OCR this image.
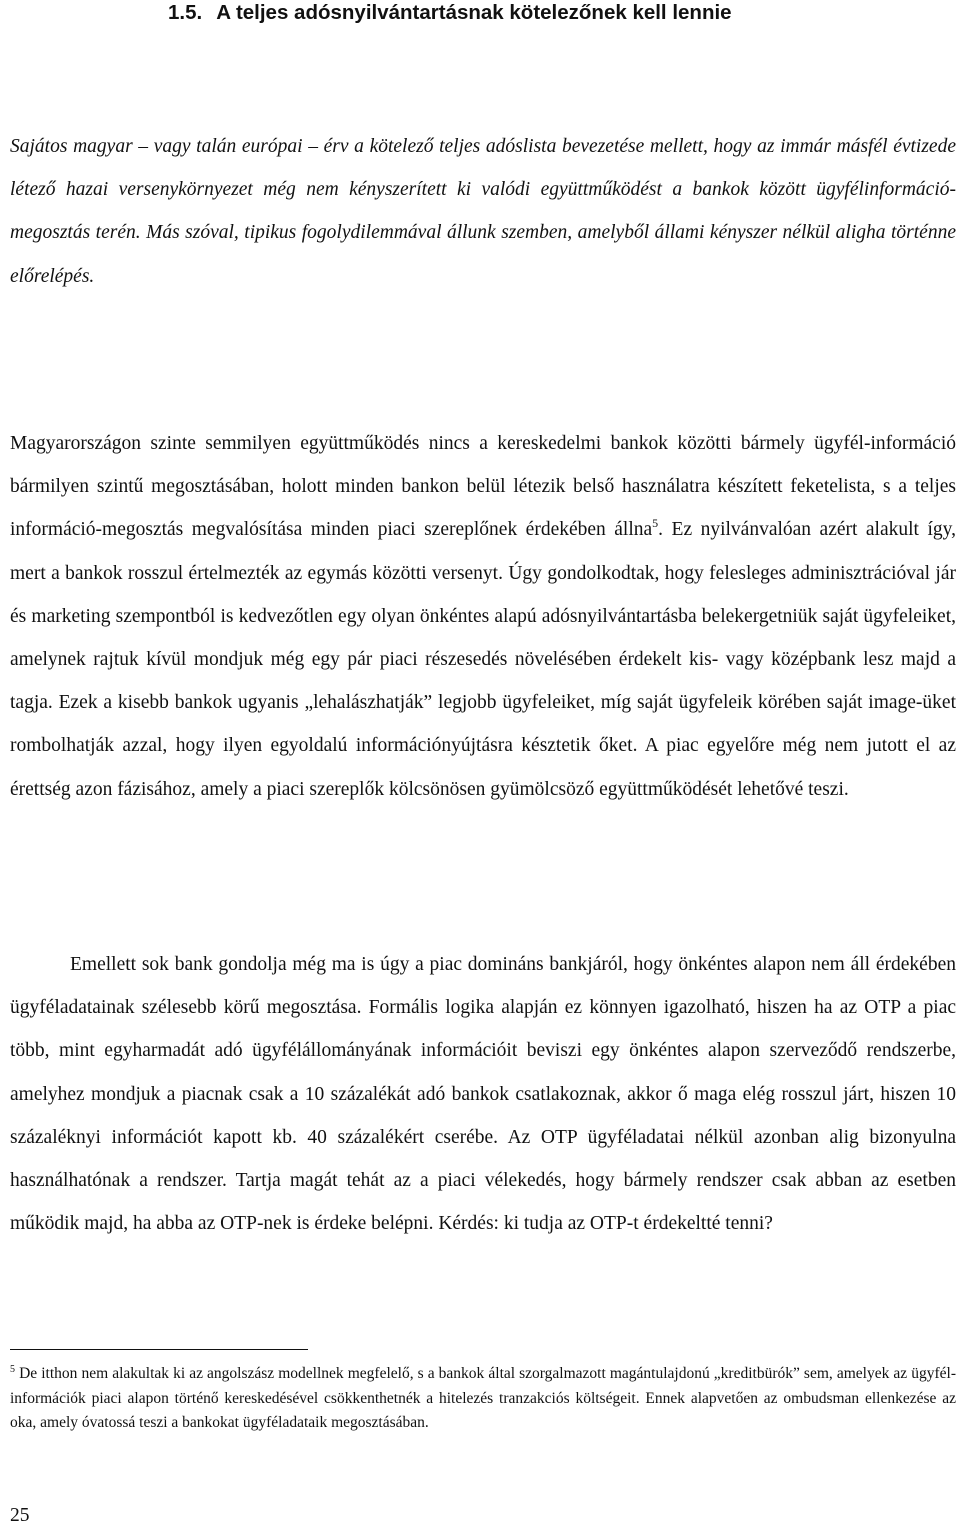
1.5. A teljes adósnyilvántartásnak kötelezőnek kell lennie

Sajátos magyar – vagy talán európai – érv a kötelező teljes adóslista bevezetése mellett, hogy az immár másfél évtizede létező hazai versenykörnyezet még nem kényszerített ki valódi együttműködést a bankok között ügyfélinformáció-megosztás terén. Más szóval, tipikus fogolydilemmával állunk szemben, amelyből állami kényszer nélkül aligha történne előrelépés.

Magyarországon szinte semmilyen együttműködés nincs a kereskedelmi bankok közötti bármely ügyfél-információ bármilyen szintű megosztásában, holott minden bankon belül létezik belső használatra készített feketelista, s a teljes információ-megosztás megvalósítása minden piaci szereplőnek érdekében állna$^5$. Ez nyilvánvalóan azért alakult így, mert a bankok rosszul értelmezték az egymás közötti versenyt. Úgy gondolkodtak, hogy felesleges adminisztrációval jár és marketing szempontból is kedvezőtlen egy olyan önkéntes alapú adósnyilvántartásba belekergetniük saját ügyfeleiket, amelynek rajtuk kívül mondjuk még egy pár piaci részesedés növelésében érdekelt kis- vagy középbank lesz majd a tagja. Ezek a kisebb bankok ugyanis „lehalászhatják” legjobb ügyfeleiket, míg saját ügyfeleik körében saját image-üket rombolhatják azzal, hogy ilyen egyoldalú információnyújtásra késztetik őket. A piac egyelőre még nem jutott el az érettség azon fázisához, amely a piaci szereplők kölcsönösen gyümölcsöző együttműködését lehetővé teszi.

Emellett sok bank gondolja még ma is úgy a piac domináns bankjáról, hogy önkéntes alapon nem áll érdekében ügyféladatainak szélesebb körű megosztása. Formális logika alapján ez könnyen igazolható, hiszen ha az OTP a piac több, mint egyharmadát adó ügyfélállományának információit beviszi egy önkéntes alapon szerveződő rendszerbe, amelyhez mondjuk a piacnak csak a 10 százalékát adó bankok csatlakoznak, akkor ő maga elég rosszul járt, hiszen 10 százaléknyi információt kapott kb. 40 százalékért cserébe. Az OTP ügyféladatai nélkül azonban alig bizonyulna használhatónak a rendszer. Tartja magát tehát az a piaci vélekedés, hogy bármely rendszer csak abban az esetben működik majd, ha abba az OTP-nek is érdeke belépni. Kérdés: ki tudja az OTP-t érdekeltté tenni?

$^5$ De itthon nem alakultak ki az angolszász modellnek megfelelő, s a bankok által szorgalmazott magántulajdonú „kreditbürók” sem, amelyek az ügyfél-információk piaci alapon történő kereskedésével csökkenthetnék a hitelezés tranzakciós költségeit. Ennek alapvetően az ombudsman ellenkezése az oka, amely óvatossá teszi a bankokat ügyféladataik megosztásában.

25
